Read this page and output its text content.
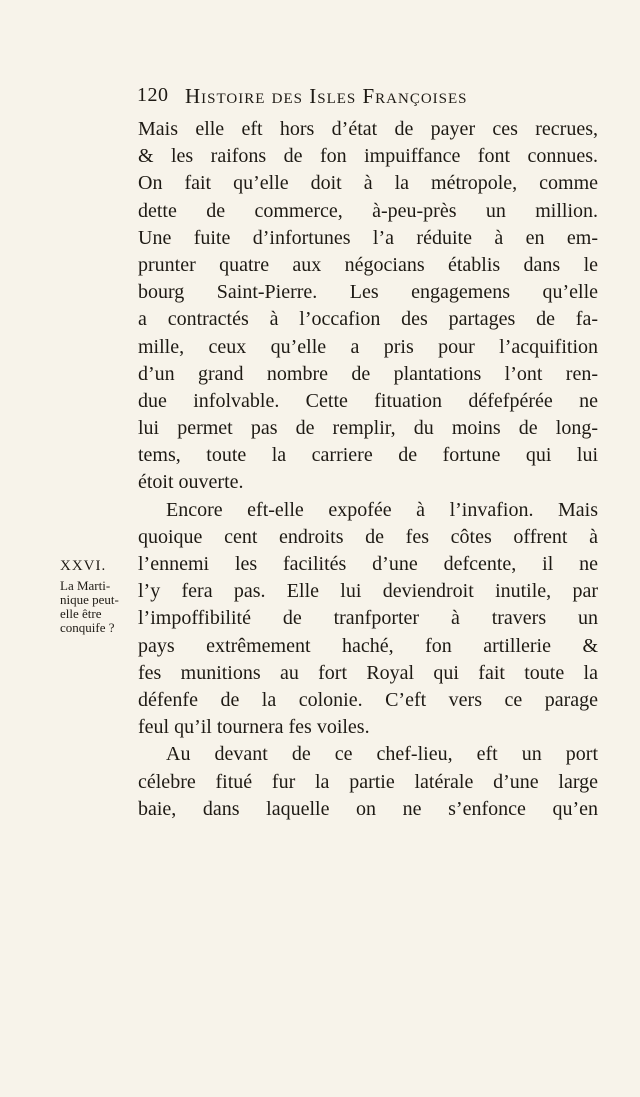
120 Histoire des Isles Françoises
XXVI.
La Marti-
nique peut-
elle être
conquife ?
Mais elle eft hors d’état de payer ces recrues,
& les raifons de fon impuiffance font connues.
On fait qu’elle doit à la métropole, comme
dette de commerce, à-peu-près un million.
Une fuite d’infortunes l’a réduite à en em-
prunter quatre aux négocians établis dans le
bourg Saint-Pierre. Les engagemens qu’elle
a contractés à l’occafion des partages de fa-
mille, ceux qu’elle a pris pour l’acquifition
d’un grand nombre de plantations l’ont ren-
due infolvable. Cette fituation défefpérée ne
lui permet pas de remplir, du moins de long-
tems, toute la carriere de fortune qui lui
étoit ouverte.
Encore eft-elle expofée à l’invafion. Mais
quoique cent endroits de fes côtes offrent à
l’ennemi les facilités d’une defcente, il ne
l’y fera pas. Elle lui deviendroit inutile, par
l’impoffibilité de tranfporter à travers un
pays extrêmement haché, fon artillerie &
fes munitions au fort Royal qui fait toute la
défenfe de la colonie. C’eft vers ce parage
feul qu’il tournera fes voiles.
Au devant de ce chef-lieu, eft un port
célebre fitué fur la partie latérale d’une large
baie, dans laquelle on ne s’enfonce qu’en
